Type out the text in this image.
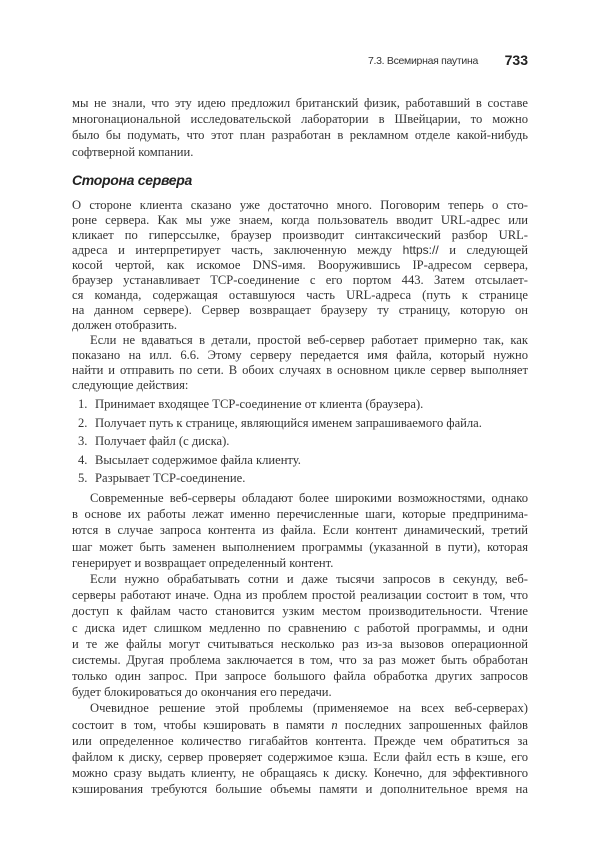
7.3. Всемирная паутина 733
мы не знали, что эту идею предложил британский физик, работавший в составе
многонациональной исследовательской лаборатории в Швейцарии, то можно
было бы подумать, что этот план разработан в рекламном отделе какой-нибудь
софтверной компании.
Сторона сервера
О стороне клиента сказано уже достаточно много. Поговорим теперь о сто-
роне сервера. Как мы уже знаем, когда пользователь вводит URL-адрес или
кликает по гиперссылке, браузер производит синтаксический разбор URL-
адреса и интерпретирует часть, заключенную между https:// и следующей
косой чертой, как искомое DNS-имя. Вооружившись IP-адресом сервера,
браузер устанавливает TCP-соединение с его портом 443. Затем отсылает-
ся команда, содержащая оставшуюся часть URL-адреса (путь к странице
на данном сервере). Сервер возвращает браузеру ту страницу, которую он
должен отобразить.
Если не вдаваться в детали, простой веб-сервер работает примерно так, как
показано на илл. 6.6. Этому серверу передается имя файла, который нужно
найти и отправить по сети. В обоих случаях в основном цикле сервер выполняет
следующие действия:
1. Принимает входящее TCP-соединение от клиента (браузера).
2. Получает путь к странице, являющийся именем запрашиваемого файла.
3. Получает файл (с диска).
4. Высылает содержимое файла клиенту.
5. Разрывает TCP-соединение.
Современные веб-серверы обладают более широкими возможностями, однако
в основе их работы лежат именно перечисленные шаги, которые предпринима-
ются в случае запроса контента из файла. Если контент динамический, третий
шаг может быть заменен выполнением программы (указанной в пути), которая
генерирует и возвращает определенный контент.
Если нужно обрабатывать сотни и даже тысячи запросов в секунду, веб-
серверы работают иначе. Одна из проблем простой реализации состоит в том, что
доступ к файлам часто становится узким местом производительности. Чтение
с диска идет слишком медленно по сравнению с работой программы, и одни
и те же файлы могут считываться несколько раз из-за вызовов операционной
системы. Другая проблема заключается в том, что за раз может быть обработан
только один запрос. При запросе большого файла обработка других запросов
будет блокироваться до окончания его передачи.
Очевидное решение этой проблемы (применяемое на всех веб-серверах)
состоит в том, чтобы кэшировать в памяти n последних запрошенных файлов
или определенное количество гигабайтов контента. Прежде чем обратиться за
файлом к диску, сервер проверяет содержимое кэша. Если файл есть в кэше, его
можно сразу выдать клиенту, не обращаясь к диску. Конечно, для эффективного
кэширования требуются большие объемы памяти и дополнительное время на
